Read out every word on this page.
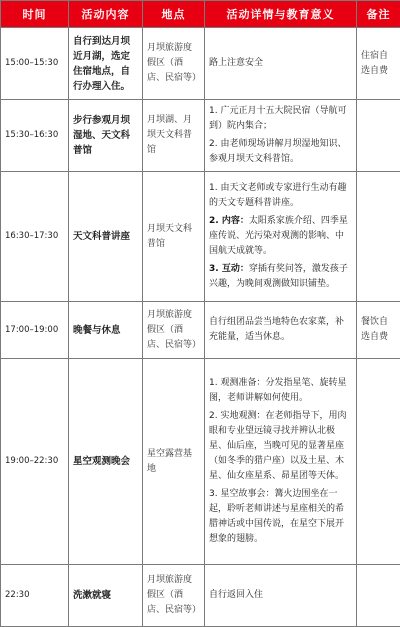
时间	活动内容	地点	活动详情与教育意义	备注
15:00–15:30	自行到达月坝近月湖，选定住宿地点，自行办理入住。	月坝旅游度假区（酒店、民宿等）	路上注意安全	住宿自选自费
15:30–16:30	步行参观月坝湿地、天文科普馆	月坝湖、月坝天文科普馆	1. 广元正月十五大院民宿（导航可到）院内集合；

2. 由老师现场讲解月坝湿地知识、参观月坝天文科普馆。	

16:30–17:30	天文科普讲座	月坝天文科普馆	1. 由天文老师或专家进行生动有趣的天文专题科普讲座。

2. 内容：太阳系家族介绍、四季星座传说、光污染对观测的影响、中国航天成就等。

3. 互动：穿插有奖问答，激发孩子兴趣，为晚间观测做知识铺垫。	

17:00–19:00	晚餐与休息	月坝旅游度假区（酒店、民宿等）	自行组团品尝当地特色农家菜，补充能量，适当休息。	餐饮自选自费
19:00–22:30	星空观测晚会	星空露营基地	1. 观测准备：分发指星笔、旋转星图，老师讲解如何使用。

2. 实地观测：在老师指导下，用肉眼和专业望远镜寻找并辨认北极星、仙后座，当晚可见的显著星座（如冬季的猎户座）以及土星、木星、仙女座星系、昴星团等天体。

3. 星空故事会：篝火边围坐在一起，聆听老师讲述与星座相关的希腊神话或中国传说，在星空下展开想象的翅膀。	

22:30	洗漱就寝	月坝旅游度假区（酒店、民宿等）	自行返回入住	
